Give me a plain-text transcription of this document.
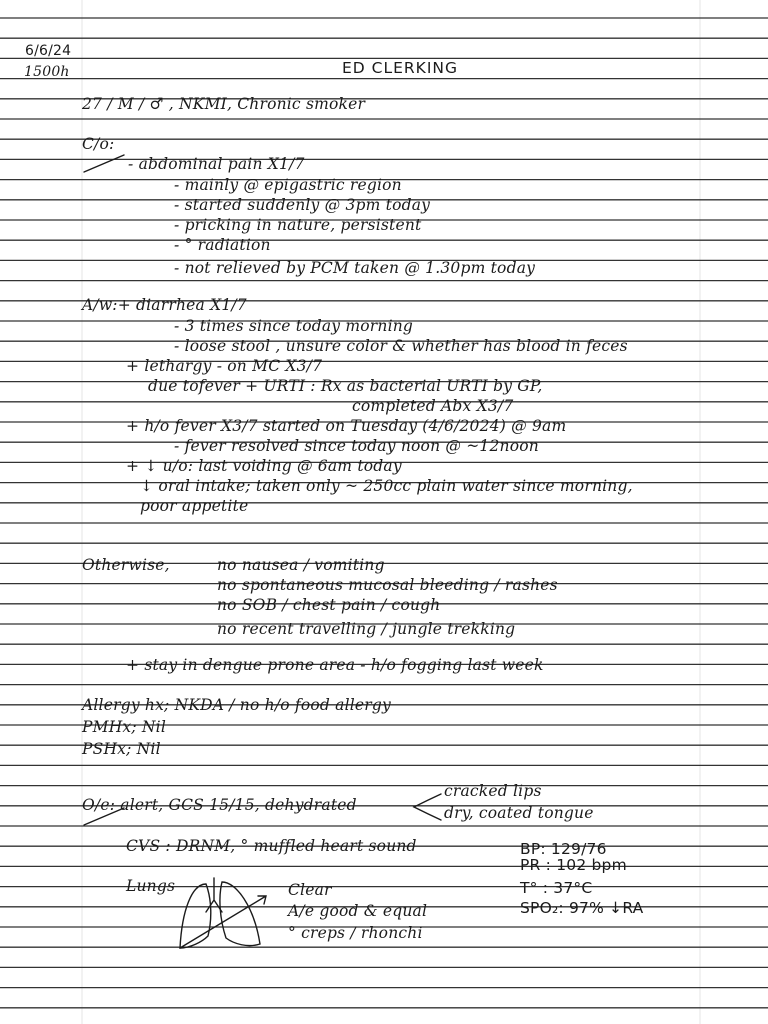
6/6/24
1500h	ED CLERKING
27 / M / ♂ , NKMI, Chronic smoker
C/o:
- abdominal pain X1/7
- mainly @ epigastric region
- started suddenly @ 3pm today
- pricking in nature, persistent
- ° radiation
- not relieved by PCM taken @ 1.30pm today
A/w:+ diarrhea X1/7
- 3 times since today morning
- loose stool , unsure color & whether has blood in feces
+ lethargy - on MC X3/7
due tofever + URTI : Rx as bacterial URTI by GP,
completed Abx X3/7
+ h/o fever X3/7 started on Tuesday (4/6/2024) @ 9am
- fever resolved since today noon @ ~12noon
+ ↓ u/o: last voiding @ 6am today
↓ oral intake; taken only ~ 250cc plain water since morning,
poor appetite
Otherwise,	no nausea / vomiting
no spontaneous mucosal bleeding / rashes
no SOB / chest pain / cough
no recent travelling / jungle trekking
+ stay in dengue prone area - h/o fogging last week
Allergy hx; NKDA / no h/o food allergy
PMHx; Nil
PSHx; Nil
O/e: alert, GCS 15/15, dehydrated
cracked lips
dry, coated tongue
CVS : DRNM, ° muffled heart sound	BP: 129/76
PR : 102 bpm
T° : 37°C
SPO₂: 97% ↓RA
Lungs	Clear
A/e good & equal
° creps / rhonchi
